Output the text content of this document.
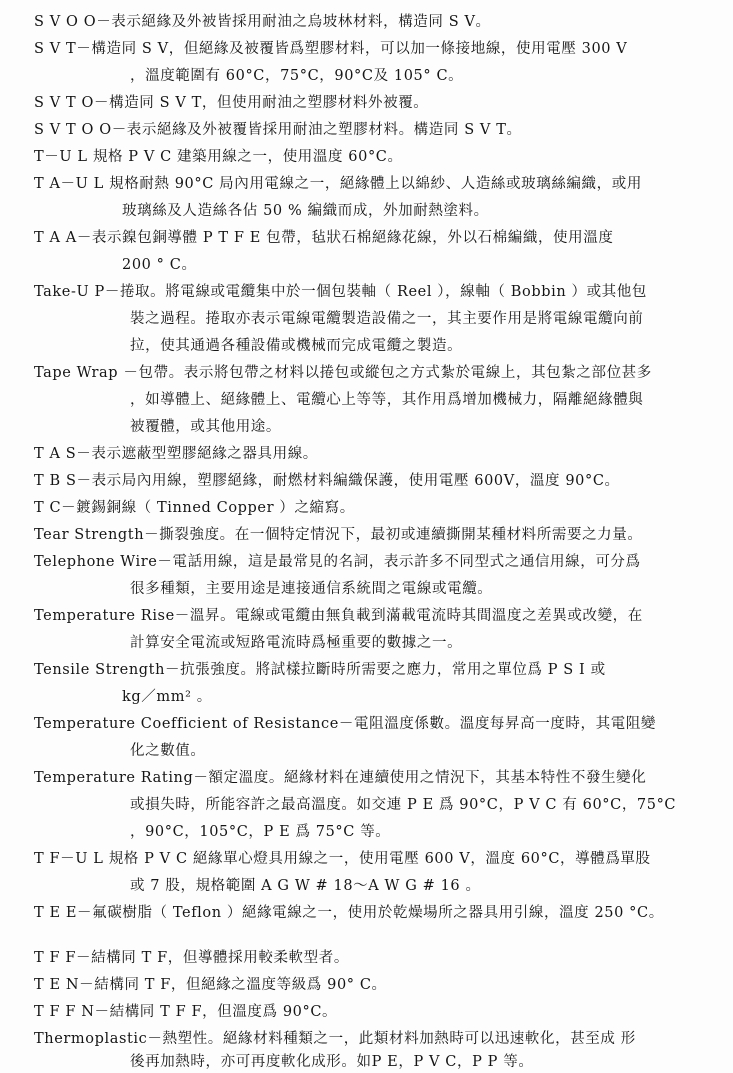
S V O O－表示絕緣及外被皆採用耐油之烏坡林材料，構造同 S V。
S V T－構造同 S V，但絕緣及被覆皆爲塑膠材料，可以加一條接地線，使用電壓 300 V
，溫度範圍有 60°C，75°C，90°C及 105° C。
S V T O－構造同 S V T，但使用耐油之塑膠材料外被覆。
S V T O O－表示絕緣及外被覆皆採用耐油之塑膠材料。構造同 S V T。
T－U L 規格 P V C 建築用線之一，使用溫度 60°C。
T A－U L 規格耐熱 90°C 局內用電線之一，絕緣體上以綿紗、人造絲或玻璃絲編織，或用
玻璃絲及人造絲各佔 50 % 編織而成，外加耐熱塗料。
T A A－表示鎳包銅導體 P T F E 包帶，毡狀石棉絕緣花線，外以石棉編織，使用溫度
200 ° C。
Take-U P－捲取。將電線或電纜集中於一個包裝軸（ Reel ），線軸（ Bobbin ）或其他包
裝之過程。捲取亦表示電線電纜製造設備之一，其主要作用是將電線電纜向前
拉，使其通過各種設備或機械而完成電纜之製造。
Tape Wrap －包帶。表示將包帶之材料以捲包或縱包之方式紮於電線上，其包紮之部位甚多
，如導體上、絕緣體上、電纜心上等等，其作用爲增加機械力，隔離絕緣體與
被覆體，或其他用途。
T A S－表示遮蔽型塑膠絕緣之器具用線。
T B S－表示局內用線，塑膠絕緣，耐燃材料編織保護，使用電壓 600V，溫度 90°C。
T C－鍍錫銅線（ Tinned Copper ）之縮寫。
Tear Strength－撕裂強度。在一個特定情況下，最初或連續撕開某種材料所需要之力量。
Telephone Wire－電話用線，這是最常見的名詞，表示許多不同型式之通信用線，可分爲
很多種類，主要用途是連接通信系統間之電線或電纜。
Temperature Rise－溫昇。電線或電纜由無負載到滿載電流時其間溫度之差異或改變，在
計算安全電流或短路電流時爲極重要的數據之一。
Tensile Strength－抗張強度。將試樣拉斷時所需要之應力，常用之單位爲 P S I 或
kg／mm² 。
Temperature Coefficient of Resistance－電阻溫度係數。溫度每昇高一度時，其電阻變
化之數值。
Temperature Rating－額定溫度。絕緣材料在連續使用之情況下，其基本特性不發生變化
或損失時，所能容許之最高溫度。如交連 P E 爲 90°C，P V C 有 60°C，75°C
，90°C，105°C，P E 爲 75°C 等。
T F－U L 規格 P V C 絕緣單心燈具用線之一，使用電壓 600 V，溫度 60°C，導體爲單股
或 7 股，規格範圍 A G W # 18～A W G # 16 。
T E E－氟碳樹脂（ Teflon ）絕緣電線之一，使用於乾燥場所之器具用引線，溫度 250 °C。
T F F－結構同 T F，但導體採用較柔軟型者。
T E N－結構同 T F，但絕緣之溫度等級爲 90° C。
T F F N－結構同 T F F，但溫度爲 90°C。
Thermoplastic－熱塑性。絕緣材料種類之一，此類材料加熱時可以迅速軟化，甚至成 形
後再加熱時，亦可再度軟化成形。如P E，P V C，P P 等。
